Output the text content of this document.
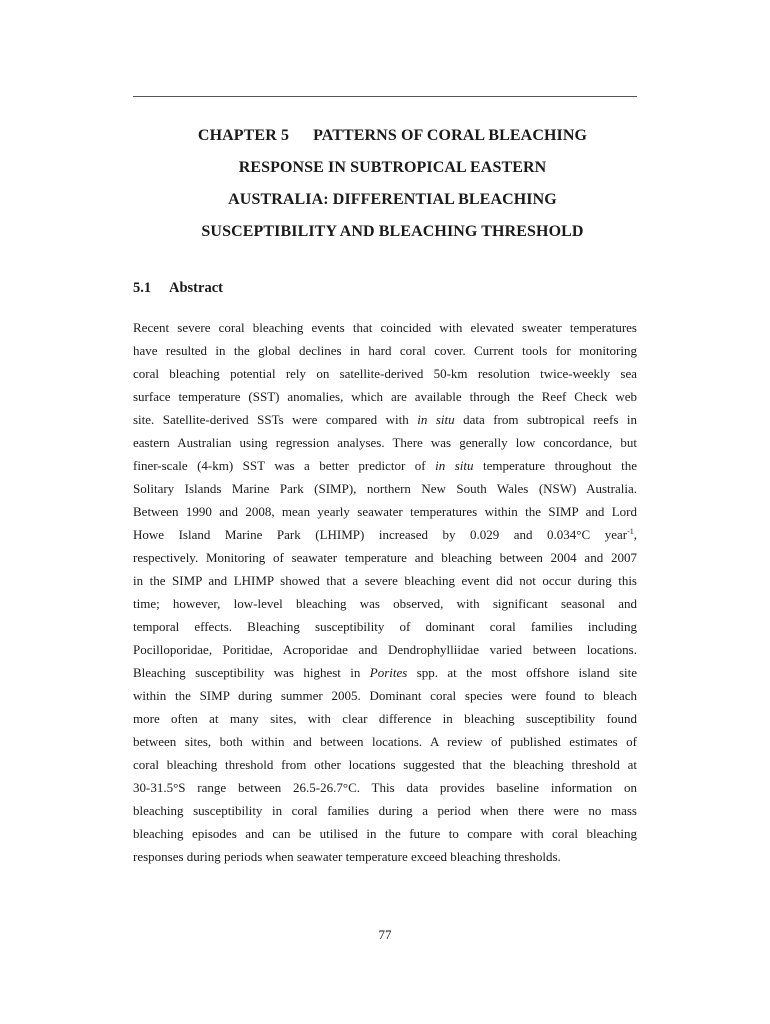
CHAPTER 5 PATTERNS OF CORAL BLEACHING
RESPONSE IN SUBTROPICAL EASTERN
AUSTRALIA: DIFFERENTIAL BLEACHING
SUSCEPTIBILITY AND BLEACHING THRESHOLD
5.1 Abstract
Recent severe coral bleaching events that coincided with elevated sweater temperatures
have resulted in the global declines in hard coral cover. Current tools for monitoring
coral bleaching potential rely on satellite-derived 50-km resolution twice-weekly sea
surface temperature (SST) anomalies, which are available through the Reef Check web
site. Satellite-derived SSTs were compared with in situ data from subtropical reefs in
eastern Australian using regression analyses. There was generally low concordance, but
finer-scale (4-km) SST was a better predictor of in situ temperature throughout the
Solitary Islands Marine Park (SIMP), northern New South Wales (NSW) Australia.
Between 1990 and 2008, mean yearly seawater temperatures within the SIMP and Lord
Howe Island Marine Park (LHIMP) increased by 0.029 and 0.034°C year$^{-1}$,
respectively. Monitoring of seawater temperature and bleaching between 2004 and 2007
in the SIMP and LHIMP showed that a severe bleaching event did not occur during this
time; however, low-level bleaching was observed, with significant seasonal and
temporal effects. Bleaching susceptibility of dominant coral families including
Pocilloporidae, Poritidae, Acroporidae and Dendrophylliidae varied between locations.
Bleaching susceptibility was highest in Porites spp. at the most offshore island site
within the SIMP during summer 2005. Dominant coral species were found to bleach
more often at many sites, with clear difference in bleaching susceptibility found
between sites, both within and between locations. A review of published estimates of
coral bleaching threshold from other locations suggested that the bleaching threshold at
30-31.5°S range between 26.5-26.7°C. This data provides baseline information on
bleaching susceptibility in coral families during a period when there were no mass
bleaching episodes and can be utilised in the future to compare with coral bleaching
responses during periods when seawater temperature exceed bleaching thresholds.
77
